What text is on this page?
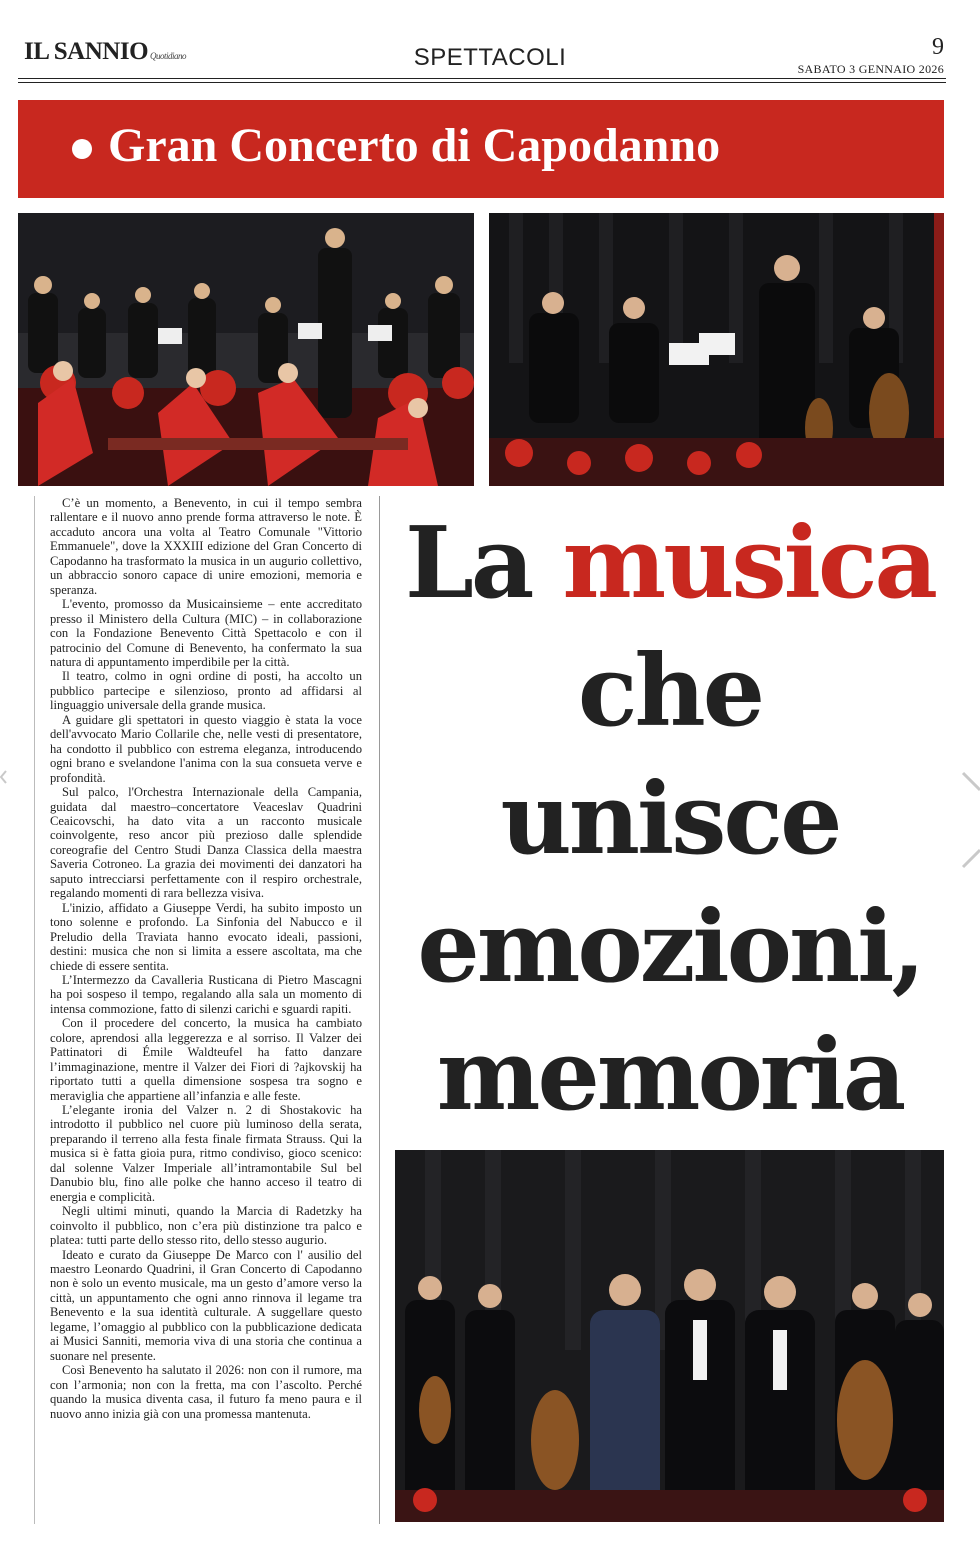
IL SANNIO Quotidiano	SPETTACOLI	9
SABATO 3 GENNAIO 2026
Gran Concerto di Capodanno

C’è un momento, a Benevento, in cui il tempo sembra rallentare e il nuovo anno prende forma attraverso le note. È accaduto ancora una volta al Teatro Comunale "Vittorio Emmanuele", dove la XXXIII edizione del Gran Concerto di Capodanno ha trasformato la musica in un augurio collettivo, un abbraccio sonoro capace di unire emozioni, memoria e speranza.

L'evento, promosso da Musicainsieme – ente accreditato presso il Ministero della Cultura (MIC) – in collaborazione con la Fondazione Benevento Città Spettacolo e con il patrocinio del Comune di Benevento, ha confermato la sua natura di appuntamento imperdibile per la città.

Il teatro, colmo in ogni ordine di posti, ha accolto un pubblico partecipe e silenzioso, pronto ad affidarsi al linguaggio universale della grande musica.

A guidare gli spettatori in questo viaggio è stata la voce dell'avvocato Mario Collarile che, nelle vesti di presentatore, ha condotto il pubblico con estrema eleganza, introducendo ogni brano e svelandone l'anima con la sua consueta verve e profondità.

Sul palco, l'Orchestra Internazionale della Campania, guidata dal maestro–concertatore Veaceslav Quadrini Ceaicovschi, ha dato vita a un racconto musicale coinvolgente, reso ancor più prezioso dalle splendide coreografie del Centro Studi Danza Classica della maestra Saveria Cotroneo. La grazia dei movimenti dei danzatori ha saputo intrecciarsi perfettamente con il respiro orchestrale, regalando momenti di rara bellezza visiva.

L'inizio, affidato a Giuseppe Verdi, ha subito imposto un tono solenne e profondo. La Sinfonia del Nabucco e il Preludio della Traviata hanno evocato ideali, passioni, destini: musica che non si limita a essere ascoltata, ma che chiede di essere sentita.

L’Intermezzo da Cavalleria Rusticana di Pietro Mascagni ha poi sospeso il tempo, regalando alla sala un momento di intensa commozione, fatto di silenzi carichi e sguardi rapiti.

Con il procedere del concerto, la musica ha cambiato colore, aprendosi alla leggerezza e al sorriso. Il Valzer dei Pattinatori di Émile Waldteufel ha fatto danzare l’immaginazione, mentre il Valzer dei Fiori di ?ajkovskij ha riportato tutti a quella dimensione sospesa tra sogno e meraviglia che appartiene all’infanzia e alle feste.

L’elegante ironia del Valzer n. 2 di Shostakovic ha introdotto il pubblico nel cuore più luminoso della serata, preparando il terreno alla festa finale firmata Strauss. Qui la musica si è fatta gioia pura, ritmo condiviso, gioco scenico: dal solenne Valzer Imperiale all’intramontabile Sul bel Danubio blu, fino alle polke che hanno acceso il teatro di energia e complicità.

Negli ultimi minuti, quando la Marcia di Radetzky ha coinvolto il pubblico, non c’era più distinzione tra palco e platea: tutti parte dello stesso rito, dello stesso augurio.

Ideato e curato da Giuseppe De Marco con l' ausilio del maestro Leonardo Quadrini, il Gran Concerto di Capodanno non è solo un evento musicale, ma un gesto d’amore verso la città, un appuntamento che ogni anno rinnova il legame tra Benevento e la sua identità culturale. A suggellare questo legame, l’omaggio al pubblico con la pubblicazione dedicata ai Musici Sanniti, memoria viva di una storia che continua a suonare nel presente.

Così Benevento ha salutato il 2026: non con il rumore, ma con l’armonia; non con la fretta, ma con l’ascolto. Perché quando la musica diventa casa, il futuro fa meno paura e il nuovo anno inizia già con una promessa mantenuta.

La musica
che unisce
emozioni,
memoria
